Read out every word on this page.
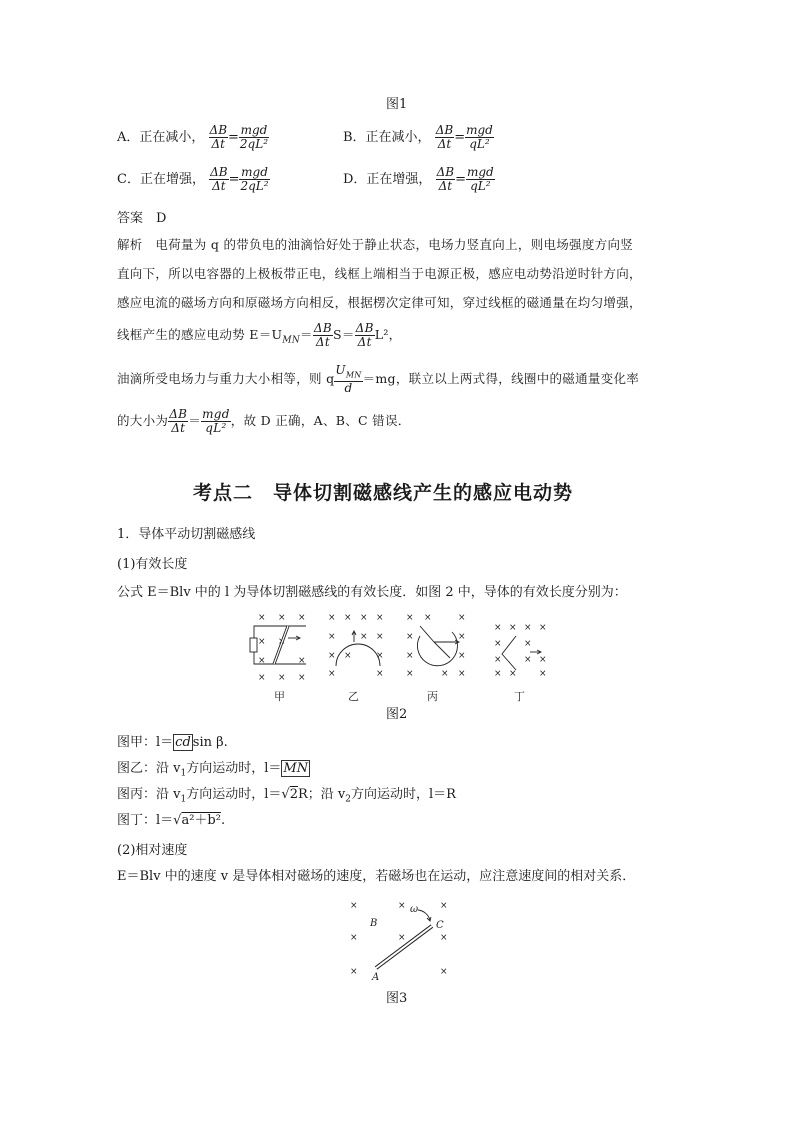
图1
A．正在减小， $\frac{\Delta B}{\Delta t} = \frac{\text{mgd}}{\text{2qL²}}$	B．正在减小， $\frac{\Delta B}{\Delta t} = \frac{\text{mgd}}{\text{qL²}}$
C．正在增强， $\frac{\Delta B}{\Delta t} = \frac{\text{mgd}}{\text{2qL²}}$	D．正在增强， $\frac{\Delta B}{\Delta t} = \frac{\text{mgd}}{\text{qL²}}$
答案　D
解析　电荷量为 q 的带负电的油滴恰好处于静止状态，电场力竖直向上，则电场强度方向竖
直向下，所以电容器的上极板带正电，线框上端相当于电源正极，感应电动势沿逆时针方向，
感应电流的磁场方向和原磁场方向相反，根据楞次定律可知，穿过线框的磁通量在均匀增强，
线框产生的感应电动势 $E=U_{MN}= \frac{\Delta B}{\Delta t} S= \frac{\Delta B}{\Delta t} L^2$，
油滴所受电场力与重力大小相等，则 q $\frac{U_{MN}}{d} =mg$，联立以上两式得，线圈中的磁通量变化率
的大小为 $\frac{\Delta B}{\Delta t} = \frac{\text{mgd}}{\text{qL²}}$ ，故 D 正确，A、B、C 错误．
考点二　导体切割磁感线产生的感应电动势
1．导体平动切割磁感线
(1)有效长度
公式 E＝Blv 中的 l 为导体切割磁感线的有效长度．如图 2 中，导体的有效长度分别为：
× × ×
× ×
×	×
× × ×
× × × ×
×	× ×
× ×	×
×	×
× ×	×
×	×
×	×
×	× ×
× × × ×
× ×
× × ×
× × ×
甲	乙	丙	丁
图2
图甲：l＝ cd sin β.
图乙：沿 $v_1$方向运动时，l＝ MN
图丙：沿 $v_1$方向运动时，l＝√2R；沿 $v_2$方向运动时，l＝R
图丁：l＝√a²＋b².
(2)相对速度
E＝Blv 中的速度 v 是导体相对磁场的速度，若磁场也在运动，应注意速度间的相对关系．
×	×	×
×	×	×
×	×
B
ω
C
A
图3
